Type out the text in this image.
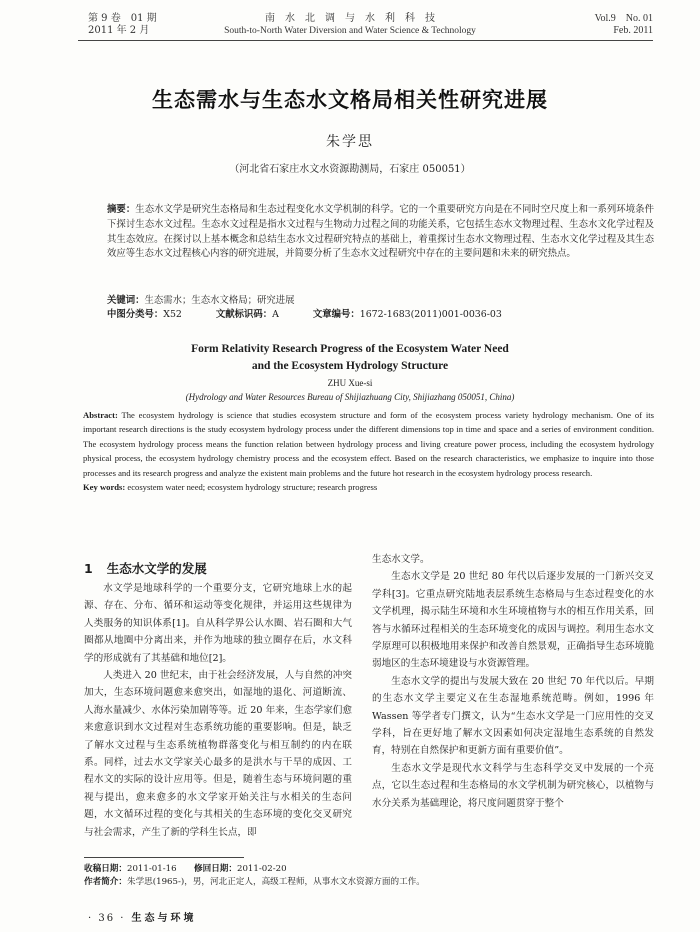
第 9 卷　01 期
2011 年 2 月
南　水　北　调　与　水　利　科　技
South-to-North Water Diversion and Water Science & Technology
Vol.9　No. 01
Feb. 2011
生态需水与生态水文格局相关性研究进展
朱学思
（河北省石家庄水文水资源勘测局，石家庄 050051）
摘要：生态水文学是研究生态格局和生态过程变化水文学机制的科学。它的一个重要研究方向是在不同时空尺度上和一系列环境条件下探讨生态水文过程。生态水文过程是指水文过程与生物动力过程之间的功能关系，它包括生态水文物理过程、生态水文化学过程及其生态效应。在探讨以上基本概念和总结生态水文过程研究特点的基础上，着重探讨生态水文物理过程、生态水文化学过程及其生态效应等生态水文过程核心内容的研究进展，并简要分析了生态水文过程研究中存在的主要问题和未来的研究热点。
关键词：生态需水；生态水文格局；研究进展
中图分类号：X52	文献标识码：A	文章编号：1672-1683(2011)001-0036-03
Form Relativity Research Progress of the Ecosystem Water Need
and the Ecosystem Hydrology Structure
ZHU Xue-si
(Hydrology and Water Resources Bureau of Shijiazhuang City, Shijiazhang 050051, China)
Abstract: The ecosystem hydrology is science that studies ecosystem structure and form of the ecosystem process variety hydrology mechanism. One of its important research directions is the study ecosystem hydrology process under the different dimensions top in time and space and a series of environment condition. The ecosystem hydrology process means the function relation between hydrology process and living creature power process, including the ecosystem hydrology physical process, the ecosystem hydrology chemistry process and the ecosystem effect. Based on the research characteristics, we emphasize to inquire into those processes and its research progress and analyze the existent main problems and the future hot research in the ecosystem hydrology process research.
Key words: ecosystem water need; ecosystem hydrology structure; research progress
1 生态水文学的发展

水文学是地球科学的一个重要分支，它研究地球上水的起源、存在、分布、循环和运动等变化规律，并运用这些规律为人类服务的知识体系[1]。自从科学界公认水圈、岩石圈和大气圈都从地圈中分离出来，并作为地球的独立圈存在后，水文科学的形成就有了其基础和地位[2]。

人类进入 20 世纪末，由于社会经济发展，人与自然的冲突加大，生态环境问题愈来愈突出，如湿地的退化、河道断流、人海水量减少、水体污染加剧等等。近 20 年来，生态学家们愈来愈意识到水文过程对生态系统功能的重要影响。但是，缺乏了解水文过程与生态系统植物群落变化与相互制约的内在联系。同样，过去水文学家关心最多的是洪水与干旱的成因、工程水文的实际的设计应用等。但是，随着生态与环境问题的重视与提出，愈来愈多的水文学家开始关注与水相关的生态问题，水文循环过程的变化与其相关的生态环境的变化交叉研究与社会需求，产生了新的学科生长点，即

生态水文学。

生态水文学是 20 世纪 80 年代以后逐步发展的一门新兴交叉学科[3]。它重点研究陆地表层系统生态格局与生态过程变化的水文学机理，揭示陆生环境和水生环境植物与水的相互作用关系，回答与水循环过程相关的生态环境变化的成因与调控。利用生态水文学原理可以积极地用来保护和改善自然景观，正确指导生态环境脆弱地区的生态环境建设与水资源管理。

生态水文学的提出与发展大致在 20 世纪 70 年代以后。早期的生态水文学主要定义在生态湿地系统范畴。例如，1996 年 Wassen 等学者专门撰文，认为“生态水文学是一门应用性的交叉学科，旨在更好地了解水文因素如何决定湿地生态系统的自然发育，特别在自然保护和更新方面有重要价值”。

生态水文学是现代水文科学与生态科学交叉中发展的一个亮点，它以生态过程和生态格局的水文学机制为研究核心，以植物与水分关系为基础理论，将尺度问题贯穿于整个

收稿日期：2011-01-16 修回日期：2011-02-20
作者简介：朱学思(1965-)，男，河北正定人，高级工程师，从事水文水资源方面的工作。
· 36 · 生态与环境
